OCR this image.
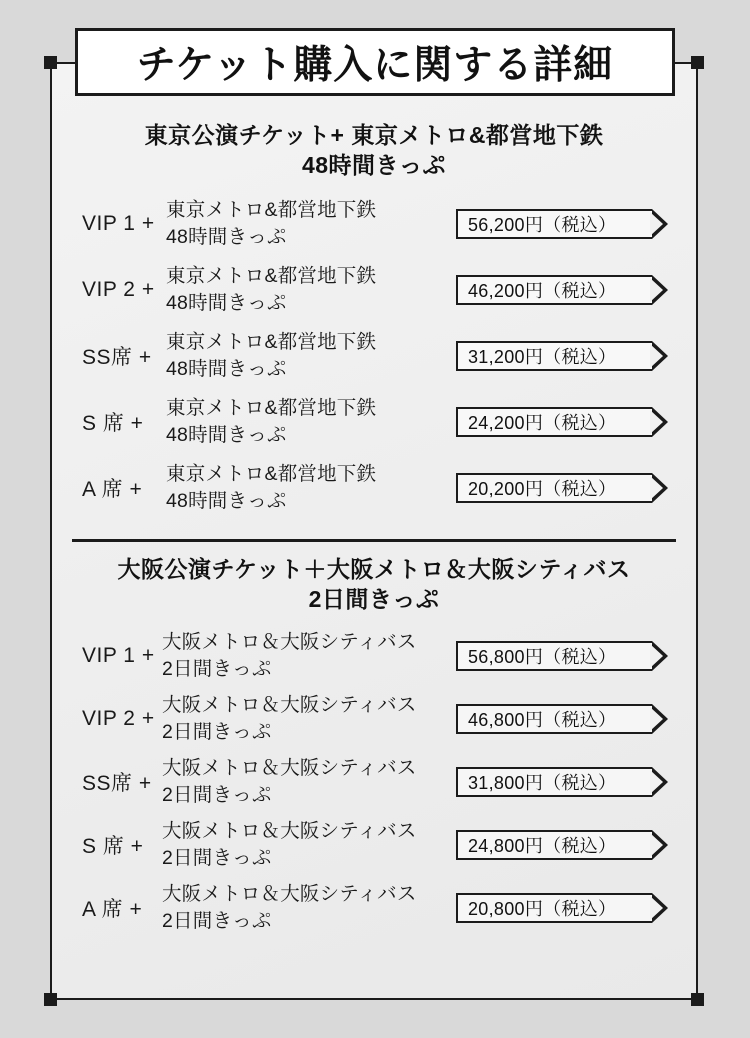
東京公演チケット+ 東京メトロ&都営地下鉄
48時間きっぷ
VIP 1 +
東京メトロ&都営地下鉄
48時間きっぷ
56,200円（税込）
VIP 2 +
東京メトロ&都営地下鉄
48時間きっぷ
46,200円（税込）
SS席 +
東京メトロ&都営地下鉄
48時間きっぷ
31,200円（税込）
S 席 +
東京メトロ&都営地下鉄
48時間きっぷ
24,200円（税込）
A 席 +
東京メトロ&都営地下鉄
48時間きっぷ
20,200円（税込）
大阪公演チケット＋大阪メトロ＆大阪シティバス
2日間きっぷ
VIP 1 +
大阪メトロ＆大阪シティバス
2日間きっぷ
56,800円（税込）
VIP 2 +
大阪メトロ＆大阪シティバス
2日間きっぷ
46,800円（税込）
SS席 +
大阪メトロ＆大阪シティバス
2日間きっぷ
31,800円（税込）
S 席 +
大阪メトロ＆大阪シティバス
2日間きっぷ
24,800円（税込）
A 席 +
大阪メトロ＆大阪シティバス
2日間きっぷ
20,800円（税込）
チケット購入に関する詳細
